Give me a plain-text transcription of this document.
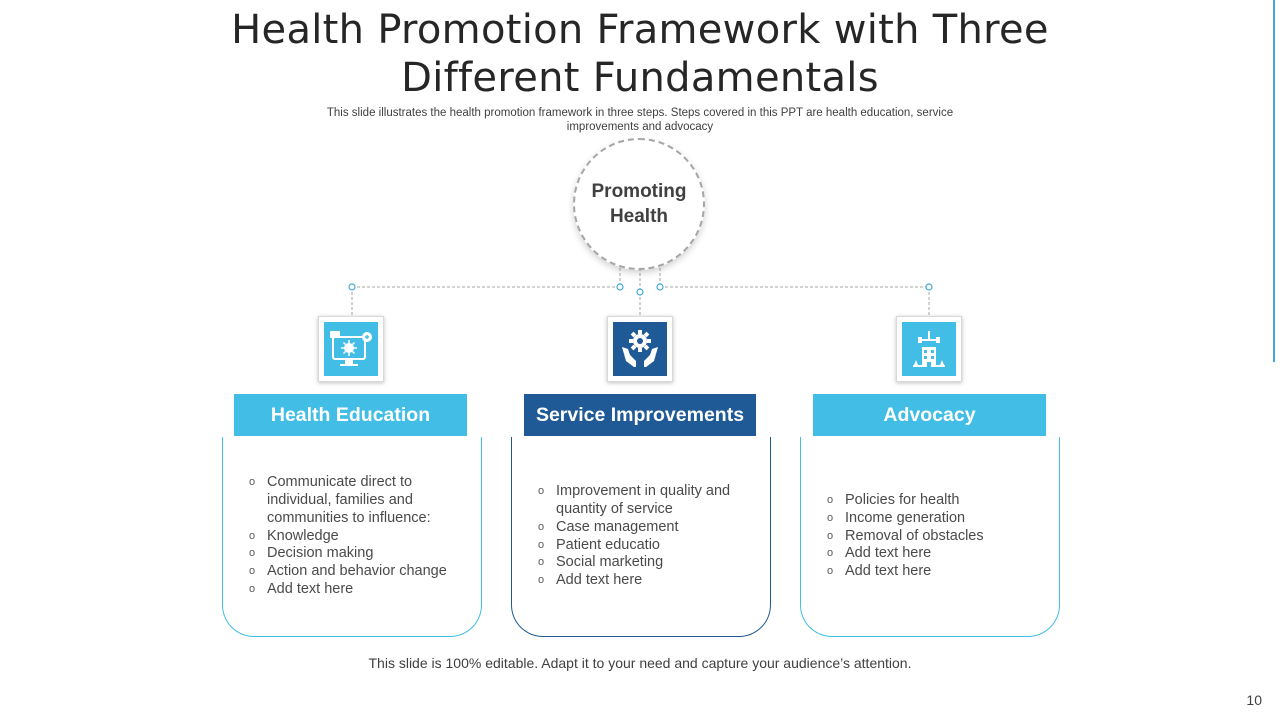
Health Promotion Framework with Three
Different Fundamentals
This slide illustrates the health promotion framework in three steps. Steps covered in this PPT are health education, service improvements and advocacy
Promoting
Health
Health Education
o Communicate direct to individual, families and communities to influence:
o Knowledge
o Decision making
o Action and behavior change
o Add text here
Service Improvements
o Improvement in quality and quantity of service
o Case management
o Patient educatio
o Social marketing
o Add text here
Advocacy
o Policies for health
o Income generation
o Removal of obstacles
o Add text here
o Add text here
This slide is 100% editable. Adapt it to your need and capture your audience’s attention.
10
